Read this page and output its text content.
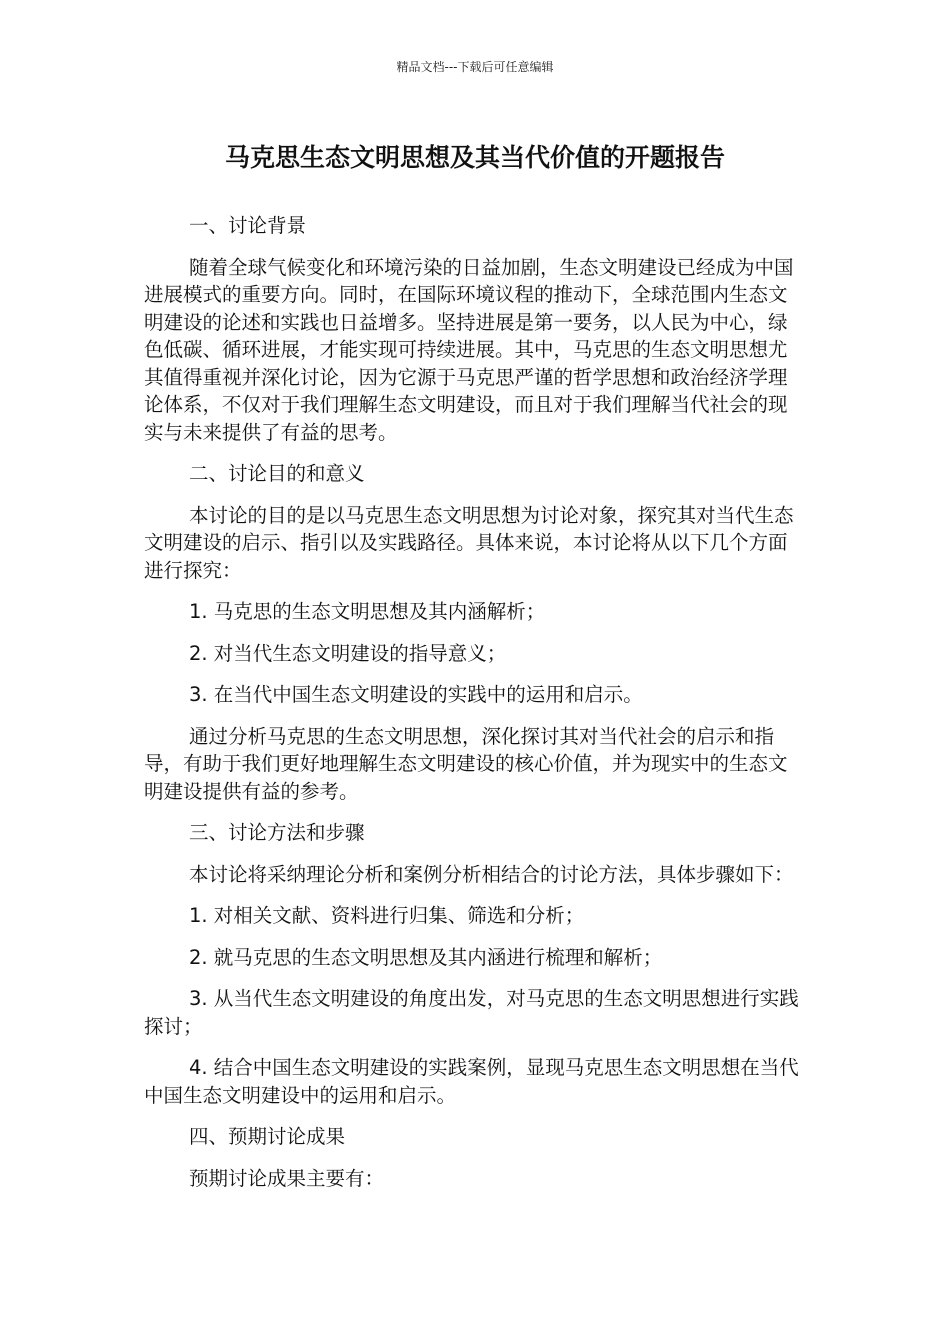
精品文档---下载后可任意编辑
马克思生态文明思想及其当代价值的开题报告

一、讨论背景

随着全球气候变化和环境污染的日益加剧，生态文明建设已经成为中国进展模式的重要方向。同时，在国际环境议程的推动下，全球范围内生态文明建设的论述和实践也日益增多。坚持进展是第一要务，以人民为中心，绿色低碳、循环进展，才能实现可持续进展。其中，马克思的生态文明思想尤其值得重视并深化讨论，因为它源于马克思严谨的哲学思想和政治经济学理论体系，不仅对于我们理解生态文明建设，而且对于我们理解当代社会的现实与未来提供了有益的思考。

二、讨论目的和意义

本讨论的目的是以马克思生态文明思想为讨论对象，探究其对当代生态文明建设的启示、指引以及实践路径。具体来说，本讨论将从以下几个方面进行探究：

1. 马克思的生态文明思想及其内涵解析；

2. 对当代生态文明建设的指导意义；

3. 在当代中国生态文明建设的实践中的运用和启示。

通过分析马克思的生态文明思想，深化探讨其对当代社会的启示和指导，有助于我们更好地理解生态文明建设的核心价值，并为现实中的生态文明建设提供有益的参考。

三、讨论方法和步骤

本讨论将采纳理论分析和案例分析相结合的讨论方法，具体步骤如下：

1. 对相关文献、资料进行归集、筛选和分析；

2. 就马克思的生态文明思想及其内涵进行梳理和解析；

3. 从当代生态文明建设的角度出发，对马克思的生态文明思想进行实践探讨；

4. 结合中国生态文明建设的实践案例，显现马克思生态文明思想在当代中国生态文明建设中的运用和启示。

四、预期讨论成果

预期讨论成果主要有：
